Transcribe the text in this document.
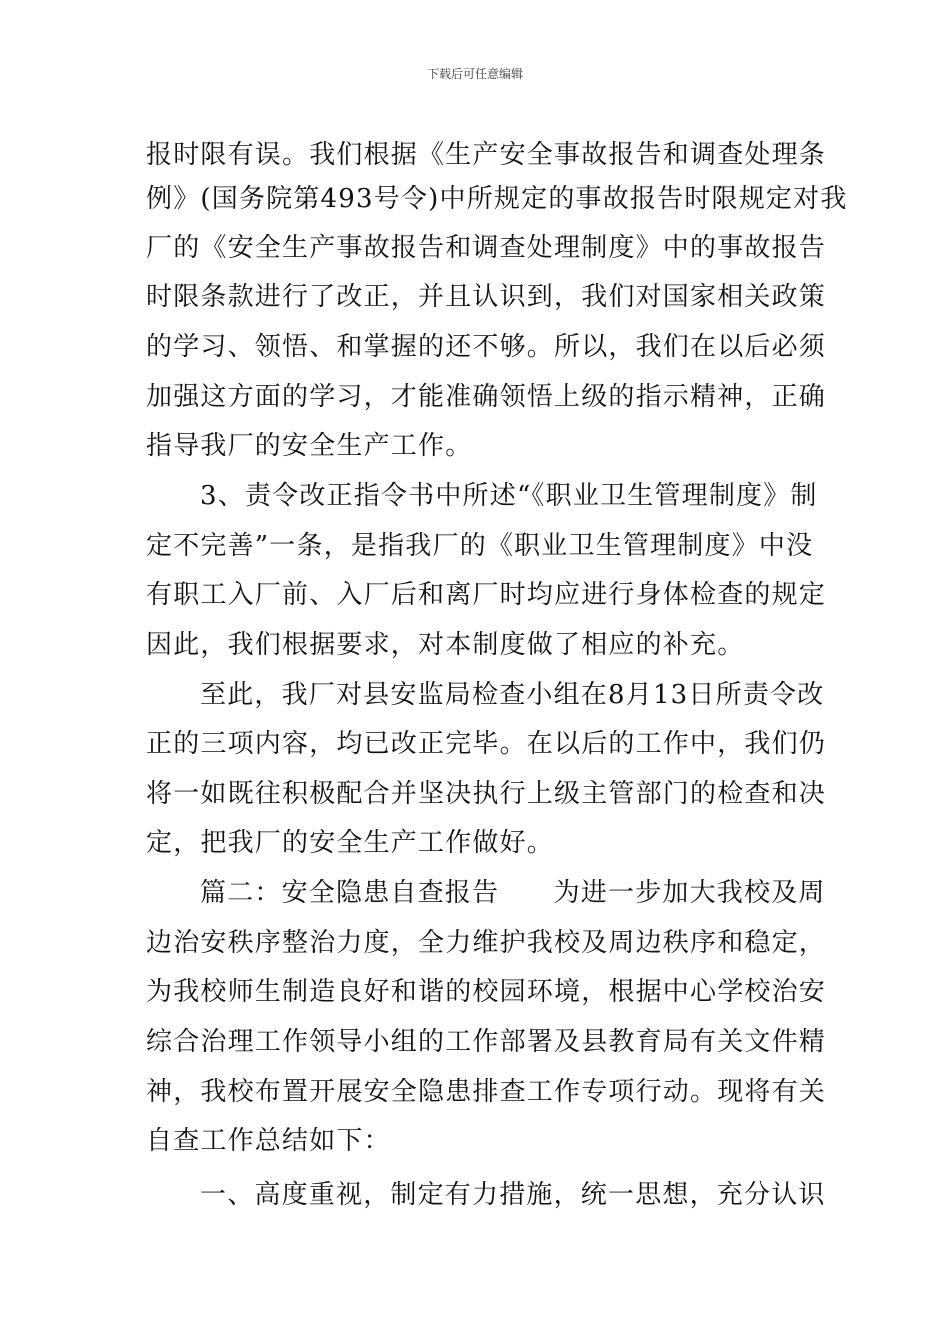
下载后可任意编辑
报时限有误。我们根据《生产安全事故报告和调查处理条
例》(国务院第493号令)中所规定的事故报告时限规定对我
厂的《安全生产事故报告和调查处理制度》中的事故报告
时限条款进行了改正，并且认识到，我们对国家相关政策
的学习、领悟、和掌握的还不够。所以，我们在以后必须
加强这方面的学习，才能准确领悟上级的指示精神，正确
指导我厂的安全生产工作。
3、责令改正指令书中所述“《职业卫生管理制度》制
定不完善”一条，是指我厂的《职业卫生管理制度》中没
有职工入厂前、入厂后和离厂时均应进行身体检查的规定
因此，我们根据要求，对本制度做了相应的补充。
至此，我厂对县安监局检查小组在8月13日所责令改
正的三项内容，均已改正完毕。在以后的工作中，我们仍
将一如既往积极配合并坚决执行上级主管部门的检查和决
定，把我厂的安全生产工作做好。
篇二：安全隐患自查报告　　为进一步加大我校及周
边治安秩序整治力度，全力维护我校及周边秩序和稳定，
为我校师生制造良好和谐的校园环境，根据中心学校治安
综合治理工作领导小组的工作部署及县教育局有关文件精
神，我校布置开展安全隐患排查工作专项行动。现将有关
自查工作总结如下：
一、高度重视，制定有力措施，统一思想，充分认识
